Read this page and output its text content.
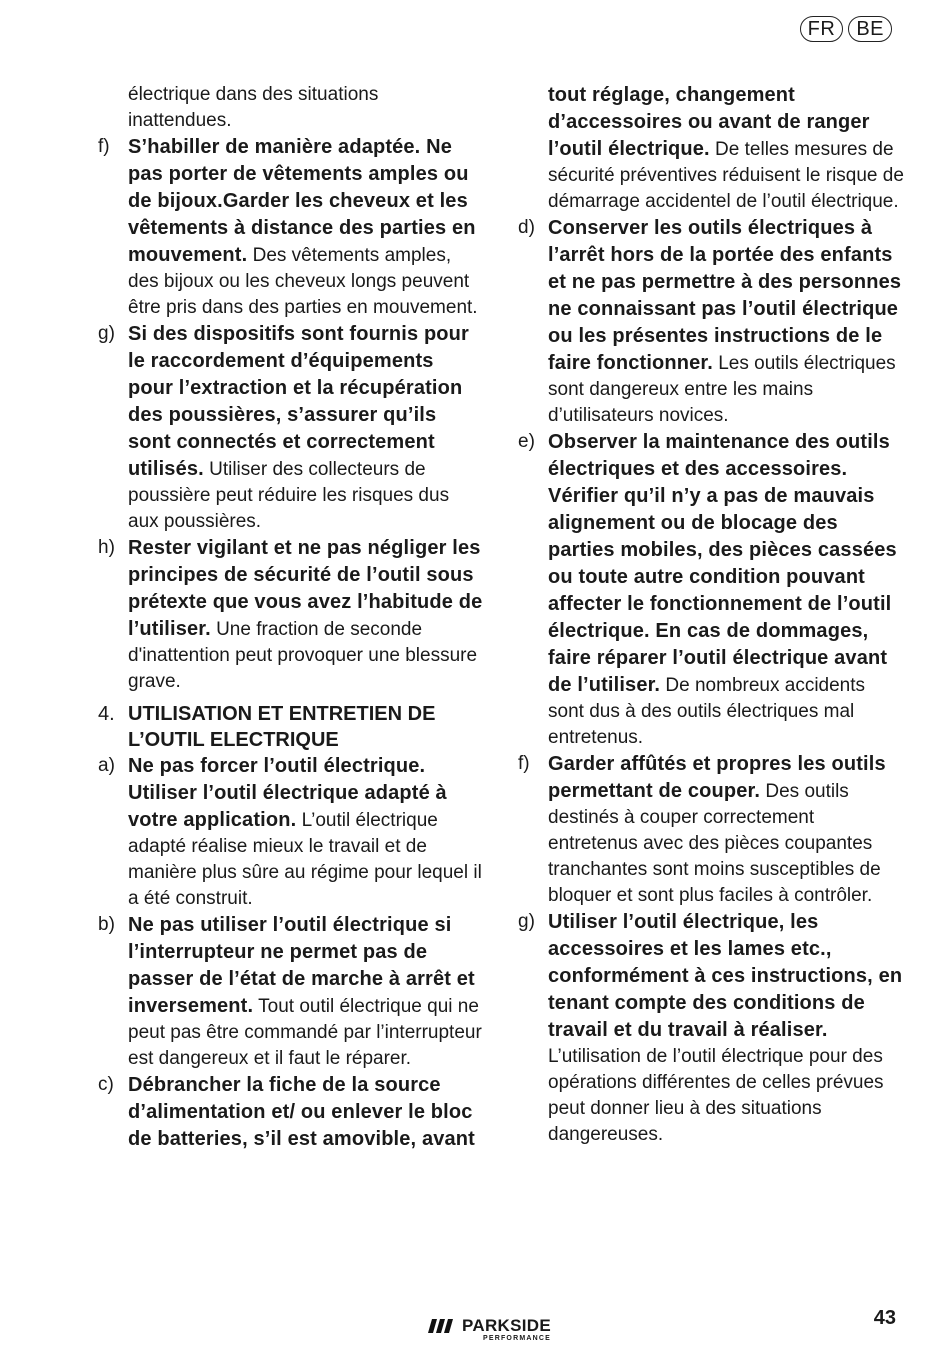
FR	BE

électrique dans des situations inattendues.

f) S’habiller de manière adaptée. Ne pas porter de vêtements amples ou de bijoux.Garder les cheveux et les vêtements à distance des parties en mouvement. Des vêtements amples, des bijoux ou les cheveux longs peuvent être pris dans des parties en mouvement.

g) Si des dispositifs sont fournis pour le raccordement d’équipements pour l’extraction et la récupération des poussières, s’assurer qu’ils sont connectés et correctement utilisés. Utiliser des collecteurs de poussière peut réduire les risques dus aux poussières.

h) Rester vigilant et ne pas négliger les principes de sécurité de l’outil sous prétexte que vous avez l’habitude de l’utiliser. Une fraction de seconde d'inattention peut provoquer une blessure grave.

4. UTILISATION ET ENTRETIEN DE L’OUTIL ELECTRIQUE

a) Ne pas forcer l’outil électrique. Utiliser l’outil électrique adapté à votre application. L’outil électrique adapté réalise mieux le travail et de manière plus sûre au régime pour lequel il a été construit.

b) Ne pas utiliser l’outil électrique si l’interrupteur ne permet pas de passer de l’état de marche à arrêt et inversement. Tout outil électrique qui ne peut pas être commandé par l’interrupteur est dangereux et il faut le réparer.

c) Débrancher la fiche de la source d’alimentation et/ ou enlever le bloc de batteries, s’il est amovible, avant

tout réglage, changement d’accessoires ou avant de ranger l’outil électrique. De telles mesures de sécurité préventives réduisent le risque de démarrage accidentel de l’outil électrique.

d) Conserver les outils électriques à l’arrêt hors de la portée des enfants et ne pas permettre à des personnes ne connaissant pas l’outil électrique ou les présentes instructions de le faire fonctionner. Les outils électriques sont dangereux entre les mains d’utilisateurs novices.

e) Observer la maintenance des outils électriques et des accessoires. Vérifier qu’il n’y a pas de mauvais alignement ou de blocage des parties mobiles, des pièces cassées ou toute autre condition pouvant affecter le fonctionnement de l’outil électrique. En cas de dommages, faire réparer l’outil électrique avant de l’utiliser. De nombreux accidents sont dus à des outils électriques mal entretenus.

f) Garder affûtés et propres les outils permettant de couper. Des outils destinés à couper correctement entretenus avec des pièces coupantes tranchantes sont moins susceptibles de bloquer et sont plus faciles à contrôler.

g) Utiliser l’outil électrique, les accessoires et les lames etc., conformément à ces instructions, en tenant compte des conditions de travail et du travail à réaliser. L’utilisation de l’outil électrique pour des opérations différentes de celles prévues peut donner lieu à des situations dangereuses.

PARKSIDE
PERFORMANCE
43
